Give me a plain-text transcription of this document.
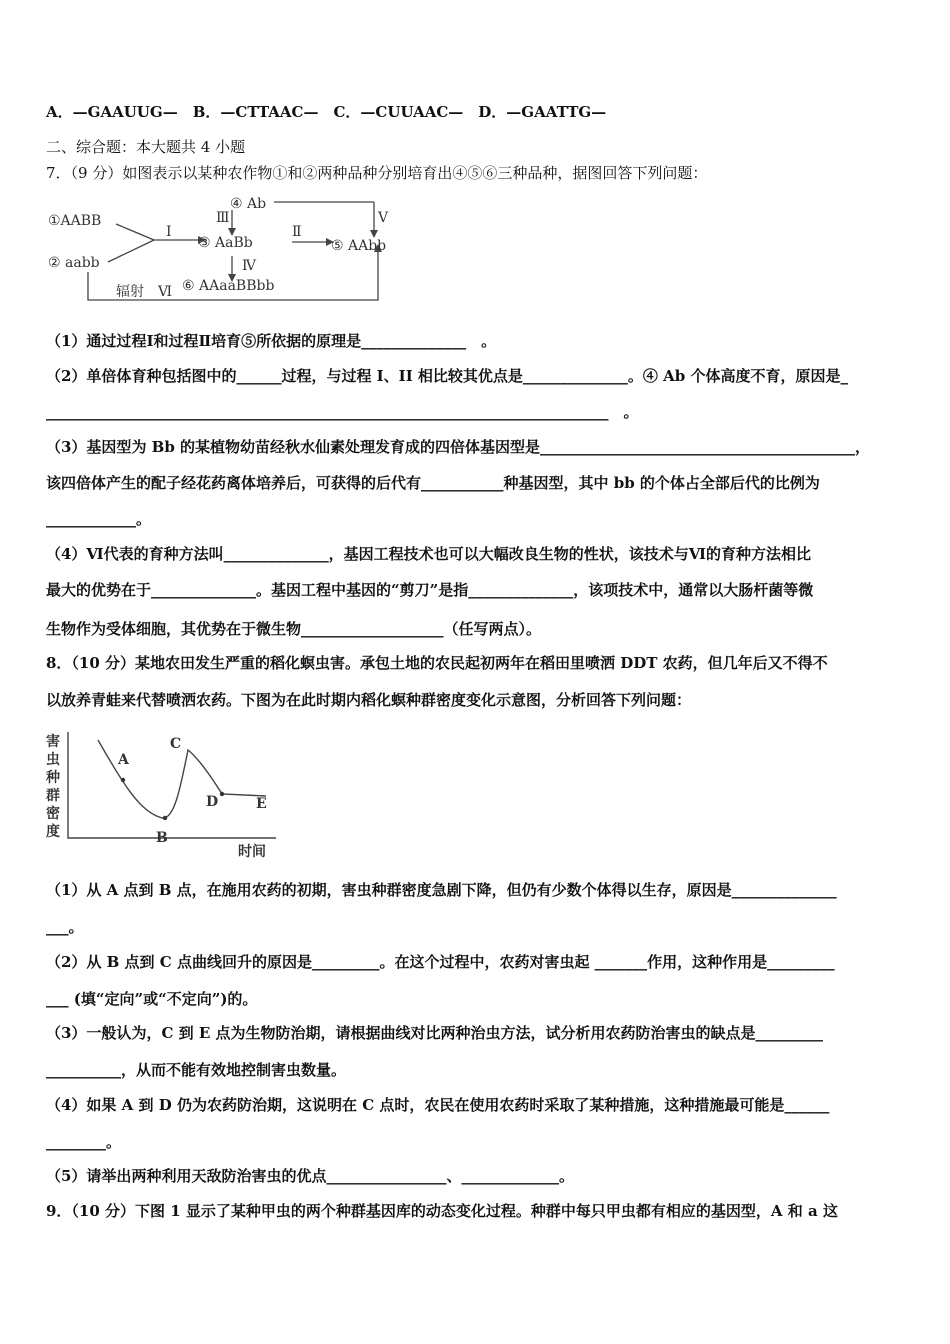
A．—GAAUUG—　B．—CTTAAC—　C．—CUUAAC—　D．—GAATTG—
二、综合题：本大题共 4 小题
7．（9 分）如图表示以某种农作物①和②两种品种分别培育出④⑤⑥三种品种，据图回答下列问题：
①AABB
② aabb
③ AaBb
④ Ab
⑤ AAbb
⑥ AAaaBBbb
Ⅰ	Ⅱ
Ⅲ
Ⅳ
Ⅴ
辐射　Ⅵ
（1）通过过程Ⅰ和过程Ⅱ培育⑤所依据的原理是______________　。
（2）单倍体育种包括图中的______过程，与过程 I、II 相比较其优点是______________。④ Ab 个体高度不育，原因是_
___________________________________________________________________________　。
（3）基因型为 Bb 的某植物幼苗经秋水仙素处理发育成的四倍体基因型是__________________________________________，
该四倍体产生的配子经花药离体培养后，可获得的后代有___________种基因型，其中 bb 的个体占全部后代的比例为
____________。
（4）Ⅵ代表的育种方法叫______________，基因工程技术也可以大幅改良生物的性状，该技术与Ⅵ的育种方法相比
最大的优势在于______________。基因工程中基因的“剪刀”是指______________，该项技术中，通常以大肠杆菌等微
生物作为受体细胞，其优势在于微生物___________________（任写两点）。
8．（10 分）某地农田发生严重的稻化螟虫害。承包土地的农民起初两年在稻田里喷洒 DDT 农药，但几年后又不得不
以放养青蛙来代替喷洒农药。下图为在此时期内稻化螟种群密度变化示意图，分析回答下列问题：
害
虫
种
群
密
度
时间
A
B
C
D	E
（1）从 A 点到 B 点，在施用农药的初期，害虫种群密度急剧下降，但仍有少数个体得以生存，原因是______________
___。
（2）从 B 点到 C 点曲线回升的原因是_________。在这个过程中，农药对害虫起 _______作用，这种作用是_________
___ (填“定向”或“不定向”)的。
（3）一般认为，C 到 E 点为生物防治期，请根据曲线对比两种治虫方法，试分析用农药防治害虫的缺点是_________
__________，从而不能有效地控制害虫数量。
（4）如果 A 到 D 仍为农药防治期，这说明在 C 点时，农民在使用农药时采取了某种措施，这种措施最可能是______
________。
（5）请举出两种利用天敌防治害虫的优点________________、_____________。
9．（10 分）下图 1 显示了某种甲虫的两个种群基因库的动态变化过程。种群中每只甲虫都有相应的基因型，A 和 a 这
